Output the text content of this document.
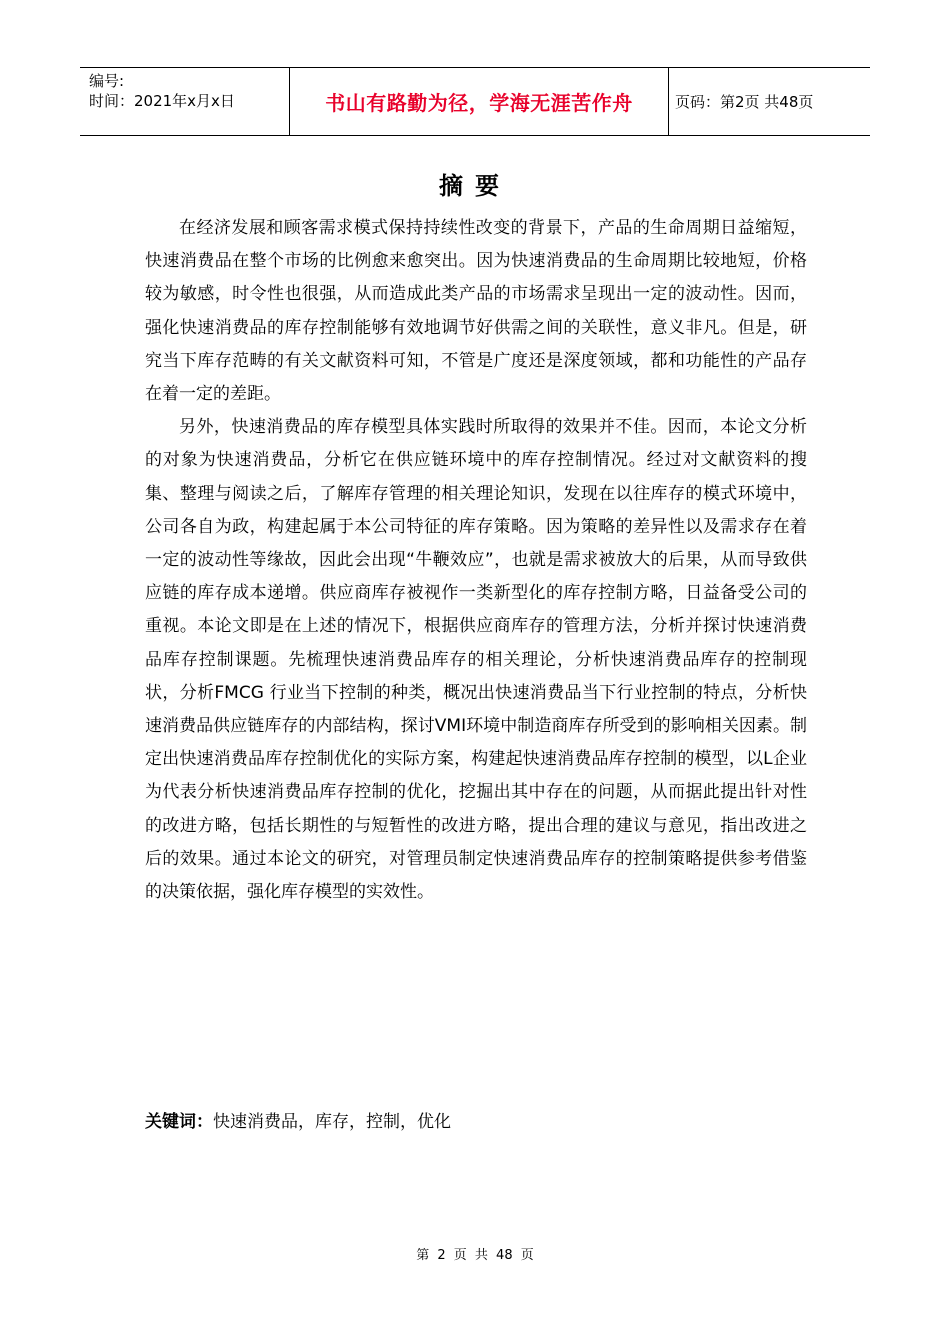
编号:
时间：2021年x月x日	书山有路勤为径，学海无涯苦作舟	页码：第2页 共48页
摘要

在经济发展和顾客需求模式保持持续性改变的背景下，产品的生命周期日益缩短，快速消费品在整个市场的比例愈来愈突出。因为快速消费品的生命周期比较地短，价格较为敏感，时令性也很强，从而造成此类产品的市场需求呈现出一定的波动性。因而，强化快速消费品的库存控制能够有效地调节好供需之间的关联性，意义非凡。但是，研究当下库存范畴的有关文献资料可知，不管是广度还是深度领域，都和功能性的产品存在着一定的差距。

另外，快速消费品的库存模型具体实践时所取得的效果并不佳。因而，本论文分析的对象为快速消费品，分析它在供应链环境中的库存控制情况。经过对文献资料的搜集、整理与阅读之后，了解库存管理的相关理论知识，发现在以往库存的模式环境中，公司各自为政，构建起属于本公司特征的库存策略。因为策略的差异性以及需求存在着一定的波动性等缘故，因此会出现“牛鞭效应”，也就是需求被放大的后果，从而导致供应链的库存成本递增。供应商库存被视作一类新型化的库存控制方略，日益备受公司的重视。本论文即是在上述的情况下，根据供应商库存的管理方法，分析并探讨快速消费品库存控制课题。先梳理快速消费品库存的相关理论，分析快速消费品库存的控制现状，分析FMCG 行业当下控制的种类，概况出快速消费品当下行业控制的特点，分析快速消费品供应链库存的内部结构，探讨VMI环境中制造商库存所受到的影响相关因素。制定出快速消费品库存控制优化的实际方案，构建起快速消费品库存控制的模型，以L企业为代表分析快速消费品库存控制的优化，挖掘出其中存在的问题，从而据此提出针对性的改进方略，包括长期性的与短暂性的改进方略，提出合理的建议与意见，指出改进之后的效果。通过本论文的研究，对管理员制定快速消费品库存的控制策略提供参考借鉴的决策依据，强化库存模型的实效性。

关键词：快速消费品，库存，控制，优化
第 2 页 共 48 页
